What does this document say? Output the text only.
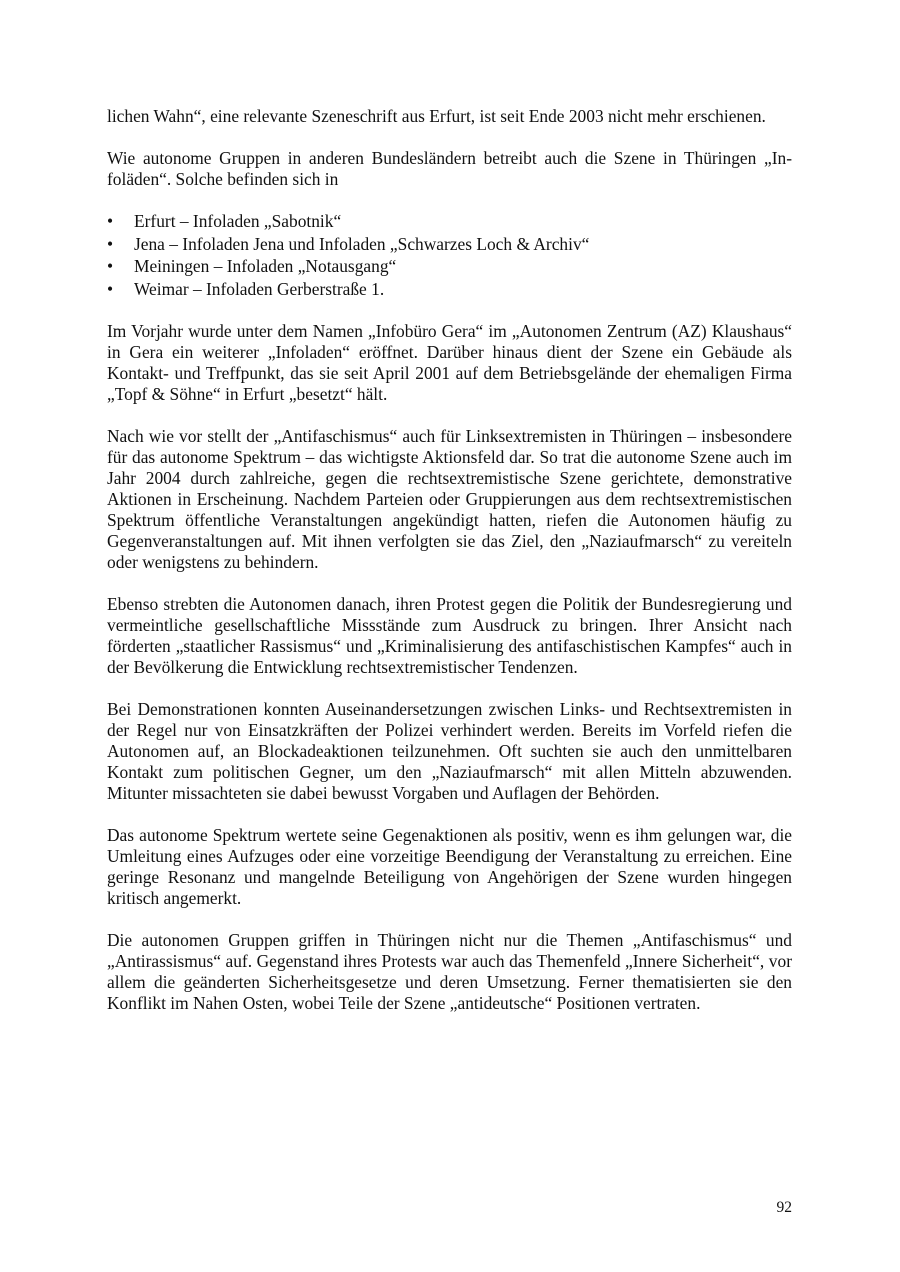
lichen Wahn“, eine relevante Szeneschrift aus Erfurt, ist seit Ende 2003 nicht mehr erschienen.

Wie autonome Gruppen in anderen Bundesländern betreibt auch die Szene in Thüringen „Infoläden“. Solche befinden sich in

• Erfurt – Infoladen „Sabotnik“
• Jena – Infoladen Jena und Infoladen „Schwarzes Loch & Archiv“
• Meiningen – Infoladen „Notausgang“
• Weimar – Infoladen Gerberstraße 1.

Im Vorjahr wurde unter dem Namen „Infobüro Gera“ im „Autonomen Zentrum (AZ) Klaushaus“ in Gera ein weiterer „Infoladen“ eröffnet. Darüber hinaus dient der Szene ein Gebäude als Kontakt- und Treffpunkt, das sie seit April 2001 auf dem Betriebsgelände der ehemaligen Firma „Topf & Söhne“ in Erfurt „besetzt“ hält.

Nach wie vor stellt der „Antifaschismus“ auch für Linksextremisten in Thüringen – insbesondere für das autonome Spektrum – das wichtigste Aktionsfeld dar. So trat die autonome Szene auch im Jahr 2004 durch zahlreiche, gegen die rechtsextremistische Szene gerichtete, demonstrative Aktionen in Erscheinung. Nachdem Parteien oder Gruppierungen aus dem rechtsextremistischen Spektrum öffentliche Veranstaltungen angekündigt hatten, riefen die Autonomen häufig zu Gegenveranstaltungen auf. Mit ihnen verfolgten sie das Ziel, den „Naziaufmarsch“ zu vereiteln oder wenigstens zu behindern.

Ebenso strebten die Autonomen danach, ihren Protest gegen die Politik der Bundesregierung und vermeintliche gesellschaftliche Missstände zum Ausdruck zu bringen. Ihrer Ansicht nach förderten „staatlicher Rassismus“ und „Kriminalisierung des antifaschistischen Kampfes“ auch in der Bevölkerung die Entwicklung rechtsextremistischer Tendenzen.

Bei Demonstrationen konnten Auseinandersetzungen zwischen Links- und Rechtsextremisten in der Regel nur von Einsatzkräften der Polizei verhindert werden. Bereits im Vorfeld riefen die Autonomen auf, an Blockadeaktionen teilzunehmen. Oft suchten sie auch den unmittelbaren Kontakt zum politischen Gegner, um den „Naziaufmarsch“ mit allen Mitteln abzuwenden. Mitunter missachteten sie dabei bewusst Vorgaben und Auflagen der Behörden.

Das autonome Spektrum wertete seine Gegenaktionen als positiv, wenn es ihm gelungen war, die Umleitung eines Aufzuges oder eine vorzeitige Beendigung der Veranstaltung zu erreichen. Eine geringe Resonanz und mangelnde Beteiligung von Angehörigen der Szene wurden hingegen kritisch angemerkt.

Die autonomen Gruppen griffen in Thüringen nicht nur die Themen „Antifaschismus“ und „Antirassismus“ auf. Gegenstand ihres Protests war auch das Themenfeld „Innere Sicherheit“, vor allem die geänderten Sicherheitsgesetze und deren Umsetzung. Ferner thematisierten sie den Konflikt im Nahen Osten, wobei Teile der Szene „antideutsche“ Positionen vertraten.

92
